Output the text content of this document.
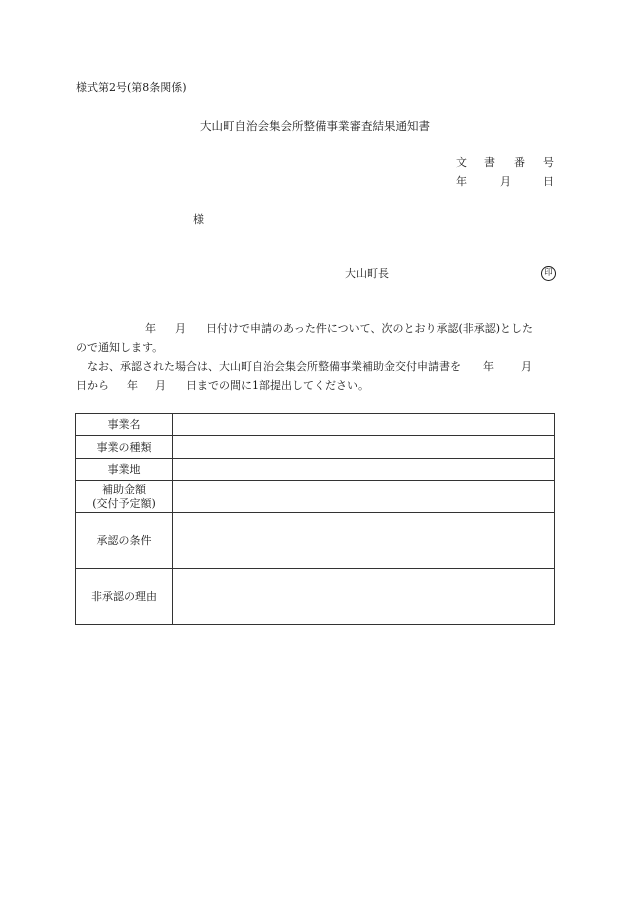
様式第2号(第8条関係)
大山町自治会集会所整備事業審査結果通知書
文 書 番 号
年	月	日
様
大山町長	印
年 月 日付けで申請のあった件について、次のとおり承認(非承認)とした
ので通知します。
なお、承認された場合は、大山町自治会集会所整備事業補助金交付申請書を 年 月
日から 年 月 日までの間に1部提出してください。
事業名	
事業の種類	
事業地	

補助金額
(交付予定額)	

承認の条件	
非承認の理由	
